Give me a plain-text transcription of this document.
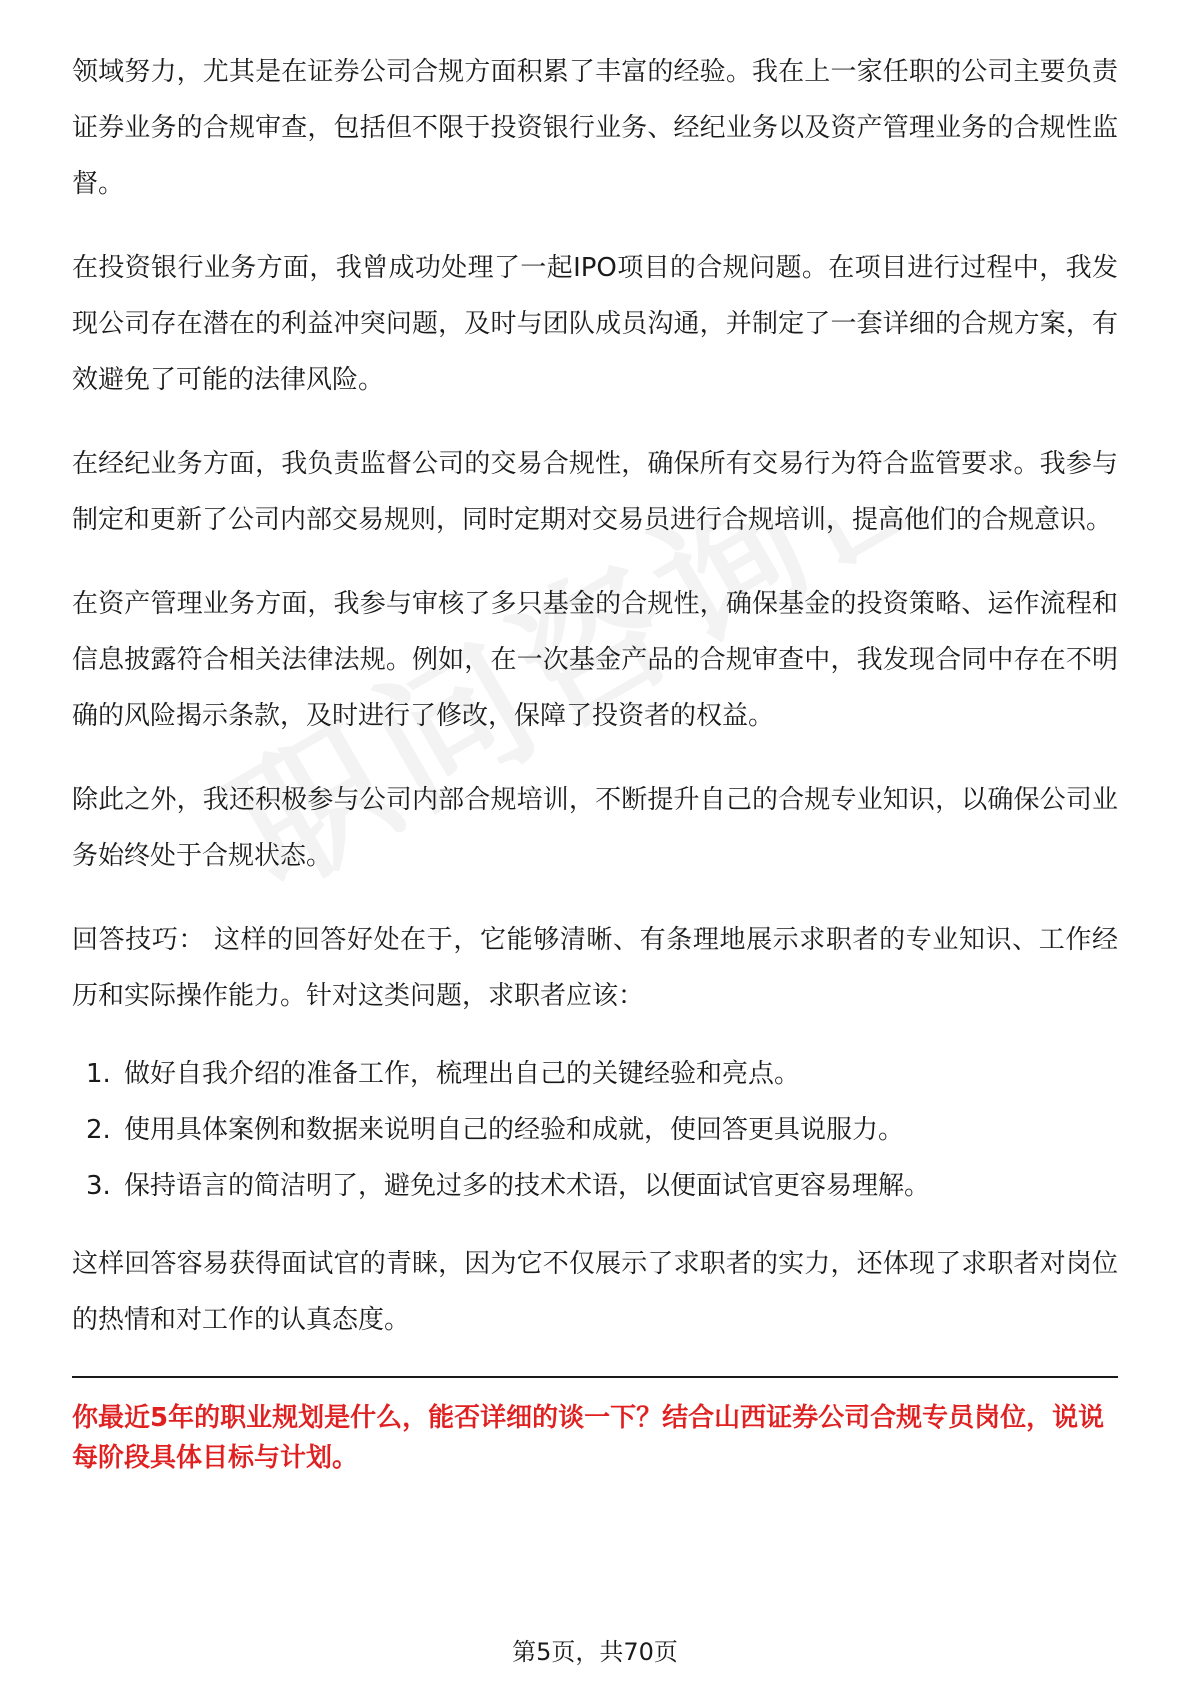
领域努力，尤其是在证券公司合规方面积累了丰富的经验。我在上一家任职的公司主要负责证券业务的合规审查，包括但不限于投资银行业务、经纪业务以及资产管理业务的合规性监督。

在投资银行业务方面，我曾成功处理了一起IPO项目的合规问题。在项目进行过程中，我发现公司存在潜在的利益冲突问题，及时与团队成员沟通，并制定了一套详细的合规方案，有效避免了可能的法律风险。

在经纪业务方面，我负责监督公司的交易合规性，确保所有交易行为符合监管要求。我参与制定和更新了公司内部交易规则，同时定期对交易员进行合规培训，提高他们的合规意识。

在资产管理业务方面，我参与审核了多只基金的合规性，确保基金的投资策略、运作流程和信息披露符合相关法律法规。例如，在一次基金产品的合规审查中，我发现合同中存在不明确的风险揭示条款，及时进行了修改，保障了投资者的权益。

除此之外，我还积极参与公司内部合规培训，不断提升自己的合规专业知识，以确保公司业务始终处于合规状态。

回答技巧： 这样的回答好处在于，它能够清晰、有条理地展示求职者的专业知识、工作经历和实际操作能力。针对这类问题，求职者应该：

1. 做好自我介绍的准备工作，梳理出自己的关键经验和亮点。
2. 使用具体案例和数据来说明自己的经验和成就，使回答更具说服力。
3. 保持语言的简洁明了，避免过多的技术术语，以便面试官更容易理解。

这样回答容易获得面试官的青睐，因为它不仅展示了求职者的实力，还体现了求职者对岗位的热情和对工作的认真态度。

你最近5年的职业规划是什么，能否详细的谈一下？结合山西证券公司合规专员岗位，说说每阶段具体目标与计划。

第5页，共70页
